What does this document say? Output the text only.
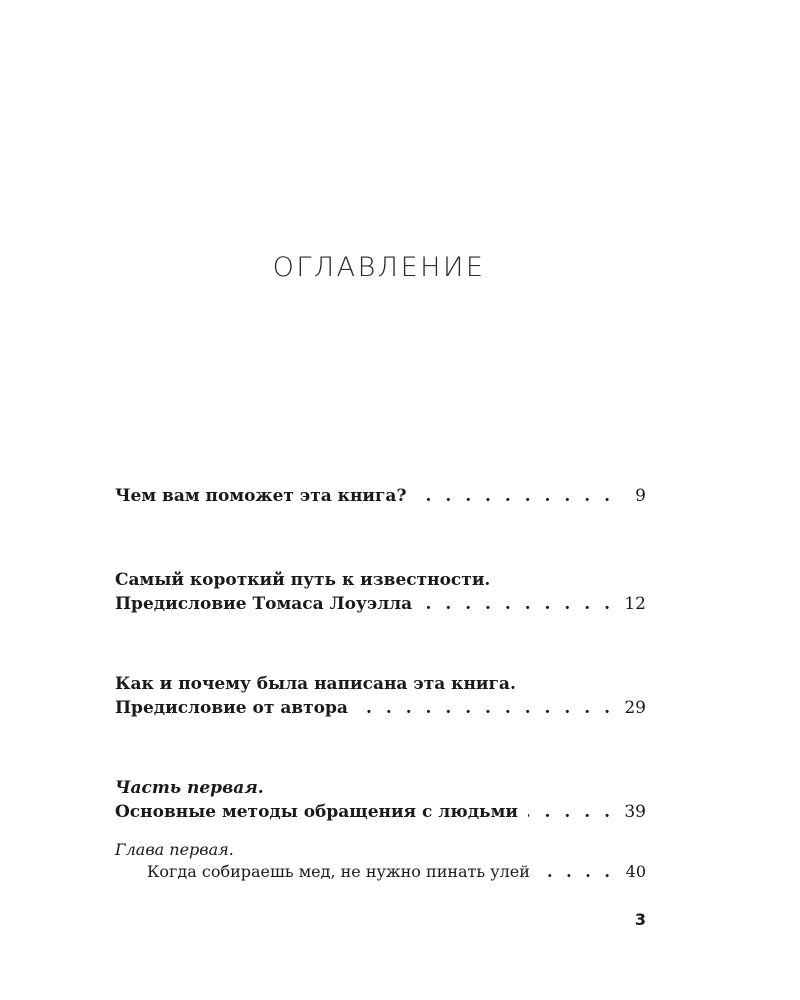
ОГЛАВЛЕНИЕ
Чем вам поможет эта книга? . . .	9
Самый короткий путь к известности.
Предисловие Томаса Лоуэлла . . .	12
Как и почему была написана эта книга.
Предисловие от автора . . .	29
Часть первая.
Основные методы обращения с людьми . . .	39
Глава первая.
Когда собираешь мед, не нужно пинать улей . . .	40
3
